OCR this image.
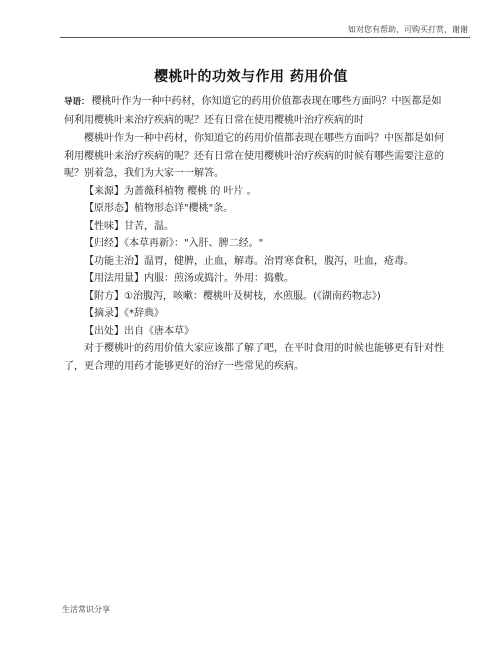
如对您有帮助，可购买打赏，谢谢
樱桃叶的功效与作用 药用价值

导语： 樱桃叶作为一种中药材，你知道它的药用价值都表现在哪些方面吗？中医都是如何利用樱桃叶来治疗疾病的呢？还有日常在使用樱桃叶治疗疾病的时

樱桃叶作为一种中药材，你知道它的药用价值都表现在哪些方面吗？中医都是如何利用樱桃叶来治疗疾病的呢？还有日常在使用樱桃叶治疗疾病的时候有哪些需要注意的呢？别着急，我们为大家一一解答。

【来源】为蔷薇科植物 樱桃 的 叶片 。

【原形态】植物形态详"樱桃"条。

【性味】甘苦，温。

【归经】《本草再新》："入肝、脾二经。"

【功能主治】温胃，健脾，止血，解毒。治胃寒食积，腹泻，吐血，疮毒。

【用法用量】内服：煎汤或捣汁。外用：捣敷。

【附方】①治腹泻，咳嗽：樱桃叶及树枝，水煎服。(《湖南药物志》)

【摘录】《*辞典》

【出处】出自《唐本草》

对于樱桃叶的药用价值大家应该都了解了吧，在平时食用的时候也能够更有针对性了，更合理的用药才能够更好的治疗一些常见的疾病。

生活常识分享
